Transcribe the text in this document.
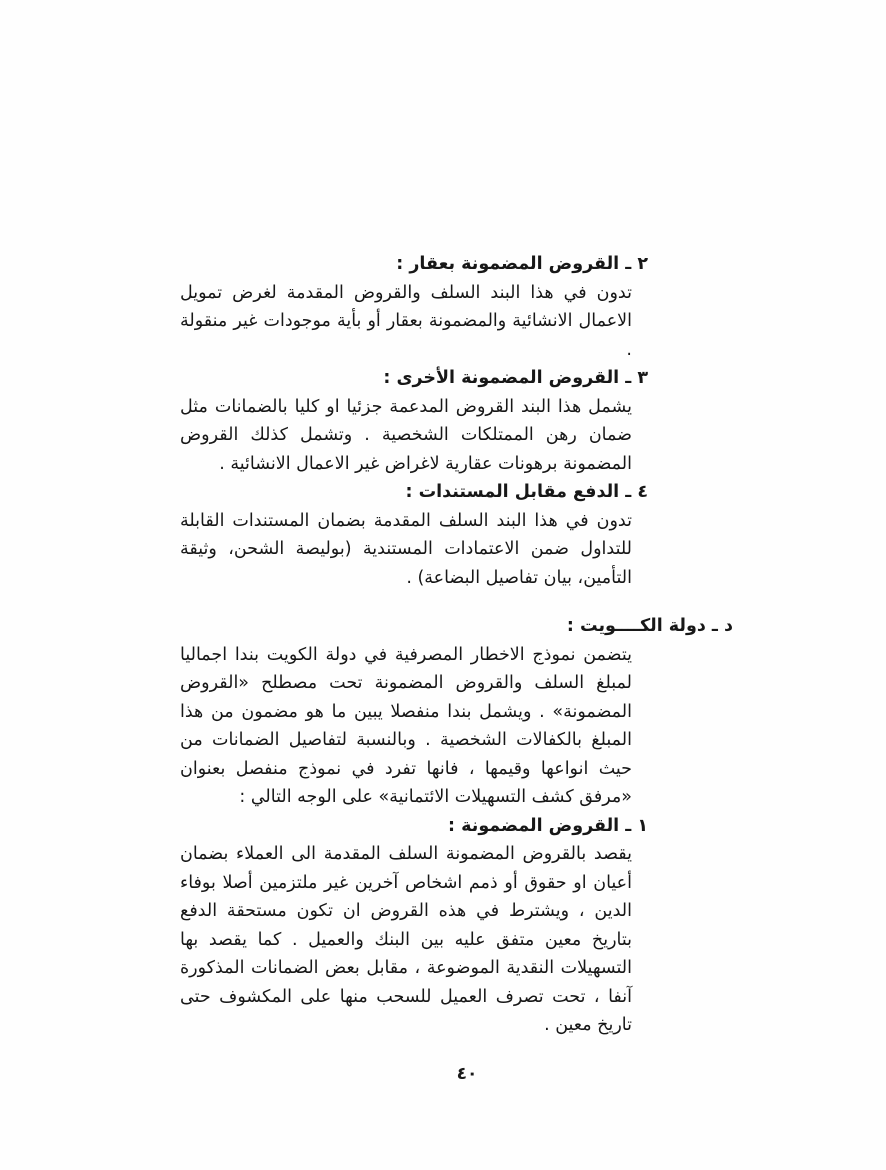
٢ ـ القروض المضمونة بعقار :

تدون في هذا البند السلف والقروض المقدمة لغرض تمويل الاعمال الانشائية والمضمونة بعقار أو بأية موجودات غير منقولة .

٣ ـ القروض المضمونة الأخرى :

يشمل هذا البند القروض المدعمة جزئيا او كليا بالضمانات مثل ضمان رهن الممتلكات الشخصية . وتشمل كذلك القروض المضمونة برهونات عقارية لاغراض غير الاعمال الانشائية .

٤ ـ الدفع مقابل المستندات :

تدون في هذا البند السلف المقدمة بضمان المستندات القابلة للتداول ضمن الاعتمادات المستندية (بوليصة الشحن، وثيقة التأمين، بيان تفاصيل البضاعة) .

د ـ دولة الكــــويت :

يتضمن نموذج الاخطار المصرفية في دولة الكويت بندا اجماليا لمبلغ السلف والقروض المضمونة تحت مصطلح «القروض المضمونة» . ويشمل بندا منفصلا يبين ما هو مضمون من هذا المبلغ بالكفالات الشخصية . وبالنسبة لتفاصيل الضمانات من حيث انواعها وقيمها ، فانها تفرد في نموذج منفصل بعنوان «مرفق كشف التسهيلات الائتمانية» على الوجه التالي :

١ ـ القروض المضمونة :

يقصد بالقروض المضمونة السلف المقدمة الى العملاء بضمان أعيان او حقوق أو ذمم اشخاص آخرين غير ملتزمين أصلا بوفاء الدين ، ويشترط في هذه القروض ان تكون مستحقة الدفع بتاريخ معين متفق عليه بين البنك والعميل . كما يقصد بها التسهيلات النقدية الموضوعة ، مقابل بعض الضمانات المذكورة آنفا ، تحت تصرف العميل للسحب منها على المكشوف حتى تاريخ معين .

٤٠
